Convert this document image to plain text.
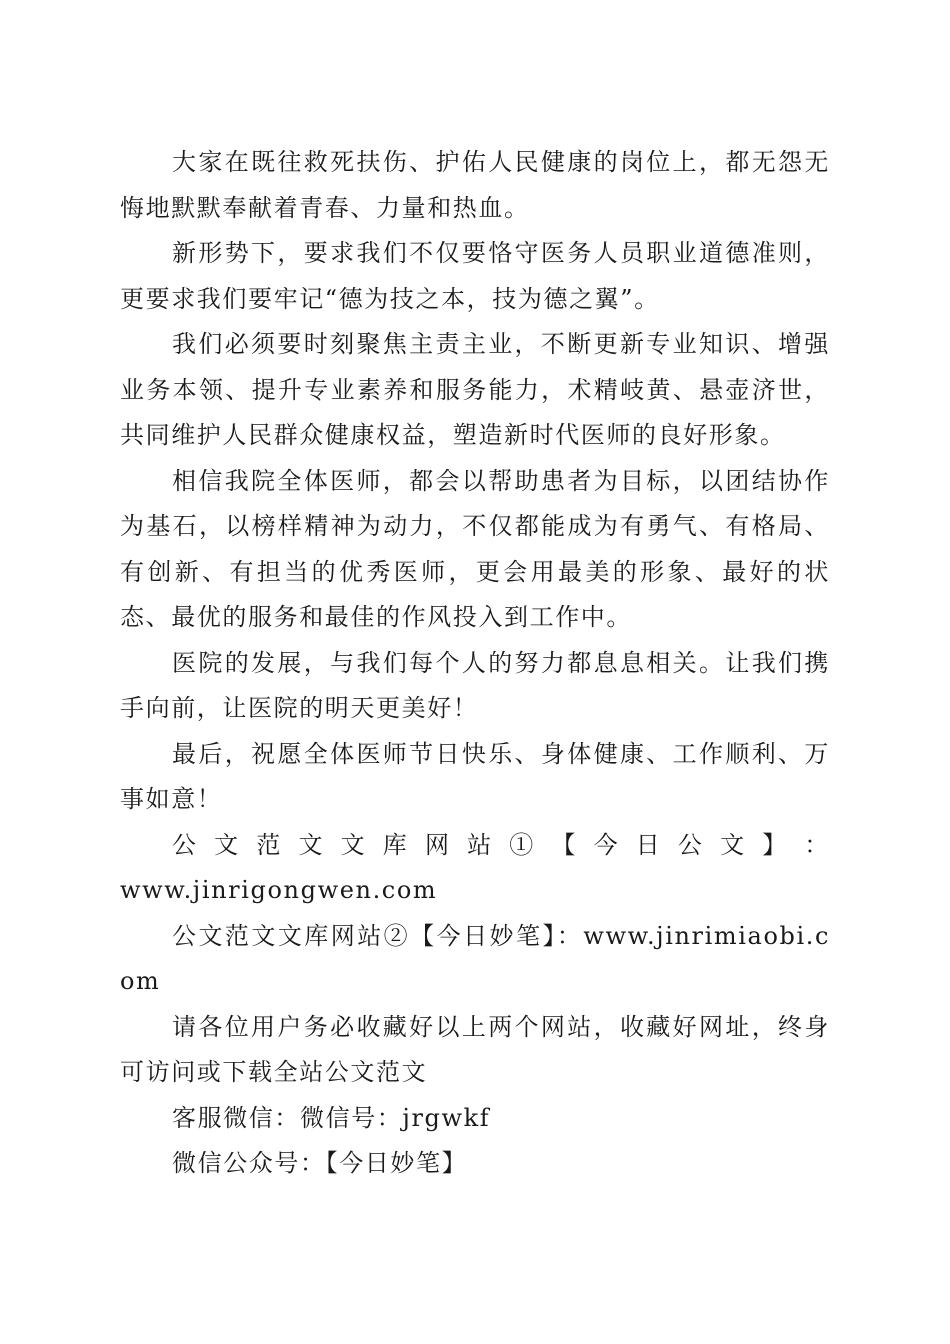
大家在既往救死扶伤、护佑人民健康的岗位上，都无怨无悔地默默奉献着青春、力量和热血。

新形势下，要求我们不仅要恪守医务人员职业道德准则，更要求我们要牢记“德为技之本，技为德之翼”。

我们必须要时刻聚焦主责主业，不断更新专业知识、增强业务本领、提升专业素养和服务能力，术精岐黄、悬壶济世，共同维护人民群众健康权益，塑造新时代医师的良好形象。

相信我院全体医师，都会以帮助患者为目标，以团结协作为基石，以榜样精神为动力，不仅都能成为有勇气、有格局、有创新、有担当的优秀医师，更会用最美的形象、最好的状态、最优的服务和最佳的作风投入到工作中。

医院的发展，与我们每个人的努力都息息相关。让我们携手向前，让医院的明天更美好！

最后，祝愿全体医师节日快乐、身体健康、工作顺利、万事如意！

公 文 范 文 文 库 网 站 ① 【 今 日 公 文 】 ：

www.jinrigongwen.com

公文范文文库网站②【今日妙笔】：www.jinrimiaobi.com

请各位用户务必收藏好以上两个网站，收藏好网址，终身可访问或下载全站公文范文

客服微信：微信号：jrgwkf

微信公众号：【今日妙笔】
